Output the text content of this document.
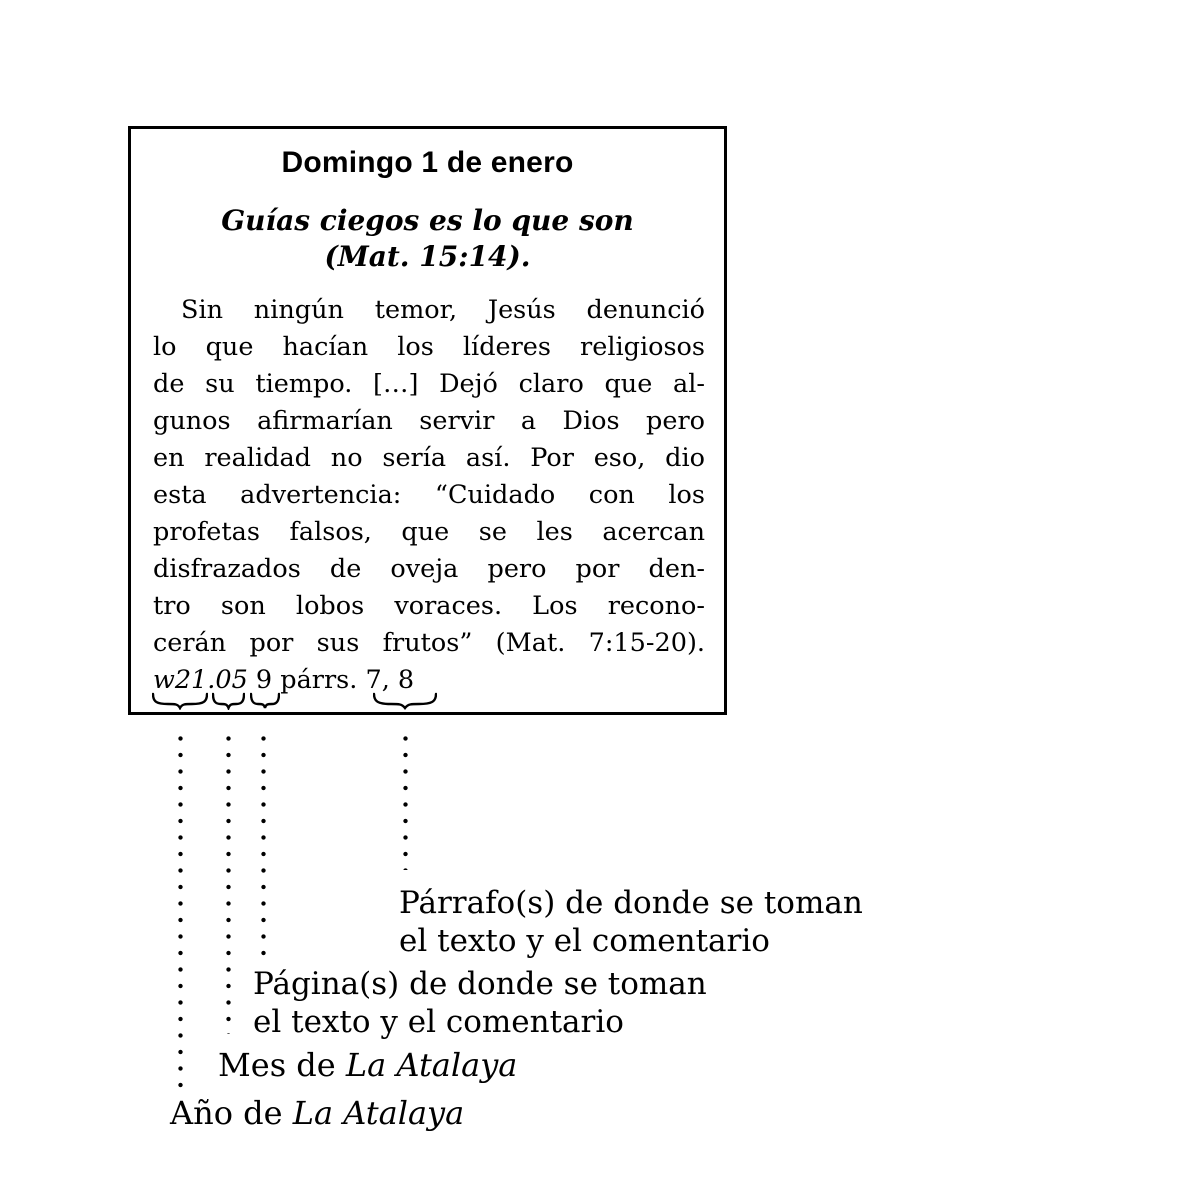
Domingo 1 de enero
Guías ciegos es lo que son
(Mat. 15:14).
Sin ningún temor, Jesús denunció
lo que hacían los líderes religiosos
de su tiempo. […] Dejó claro que al-
gunos afirmarían servir a Dios pero
en realidad no sería así. Por eso, dio
esta advertencia: “Cuidado con los
profetas falsos, que se les acercan
disfrazados de oveja pero por den-
tro son lobos voraces. Los recono-
cerán por sus frutos” (Mat. 7:15-20).
w21.05 9 párrs. 7, 8
Párrafo(s) de donde se toman
el texto y el comentario
Página(s) de donde se toman
el texto y el comentario
Mes de La Atalaya
Año de La Atalaya
